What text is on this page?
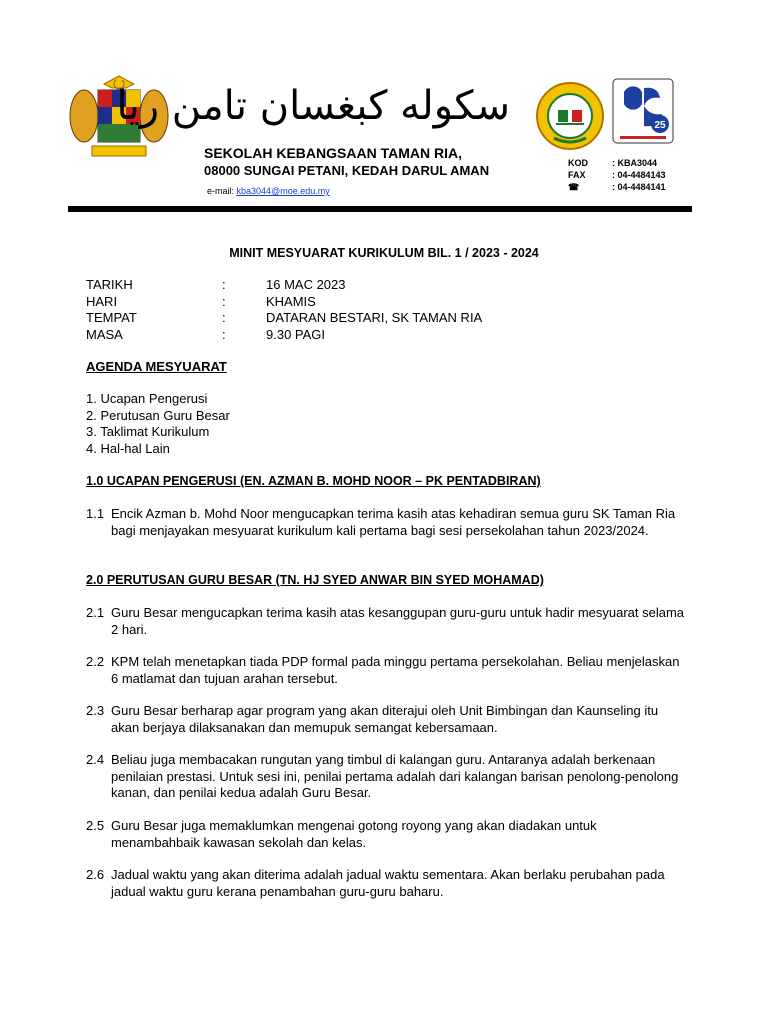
سكوله كبغسان تامن ريا	25
SEKOLAH KEBANGSAAN TAMAN RIA,
08000 SUNGAI PETANI, KEDAH DARUL AMAN
e-mail: kba3044@moe.edu.my
KOD	: KBA3044
FAX	: 04-4484143
☎	: 04-4484141
MINIT MESYUARAT KURIKULUM BIL. 1 / 2023 - 2024
TARIKH	:	16 MAC 2023
HARI	:	KHAMIS
TEMPAT	:	DATARAN BESTARI, SK TAMAN RIA
MASA	:	9.30 PAGI
AGENDA MESYUARAT
1. Ucapan Pengerusi
2. Perutusan Guru Besar
3. Taklimat Kurikulum
4. Hal-hal Lain
1.0 UCAPAN PENGERUSI (EN. AZMAN B. MOHD NOOR – PK PENTADBIRAN)
1.1 Encik Azman b. Mohd Noor mengucapkan terima kasih atas kehadiran semua guru SK Taman Ria bagi menjayakan mesyuarat kurikulum kali pertama bagi sesi persekolahan tahun 2023/2024.
2.0 PERUTUSAN GURU BESAR (TN. HJ SYED ANWAR BIN SYED MOHAMAD)
2.1 Guru Besar mengucapkan terima kasih atas kesanggupan guru-guru untuk hadir mesyuarat selama 2 hari.
2.2 KPM telah menetapkan tiada PDP formal pada minggu pertama persekolahan. Beliau menjelaskan 6 matlamat dan tujuan arahan tersebut.
2.3 Guru Besar berharap agar program yang akan diterajui oleh Unit Bimbingan dan Kaunseling itu akan berjaya dilaksanakan dan memupuk semangat kebersamaan.
2.4 Beliau juga membacakan rungutan yang timbul di kalangan guru. Antaranya adalah berkenaan penilaian prestasi. Untuk sesi ini, penilai pertama adalah dari kalangan barisan penolong-penolong kanan, dan penilai kedua adalah Guru Besar.
2.5 Guru Besar juga memaklumkan mengenai gotong royong yang akan diadakan untuk menambahbaik kawasan sekolah dan kelas.
2.6 Jadual waktu yang akan diterima adalah jadual waktu sementara. Akan berlaku perubahan pada jadual waktu guru kerana penambahan guru-guru baharu.
